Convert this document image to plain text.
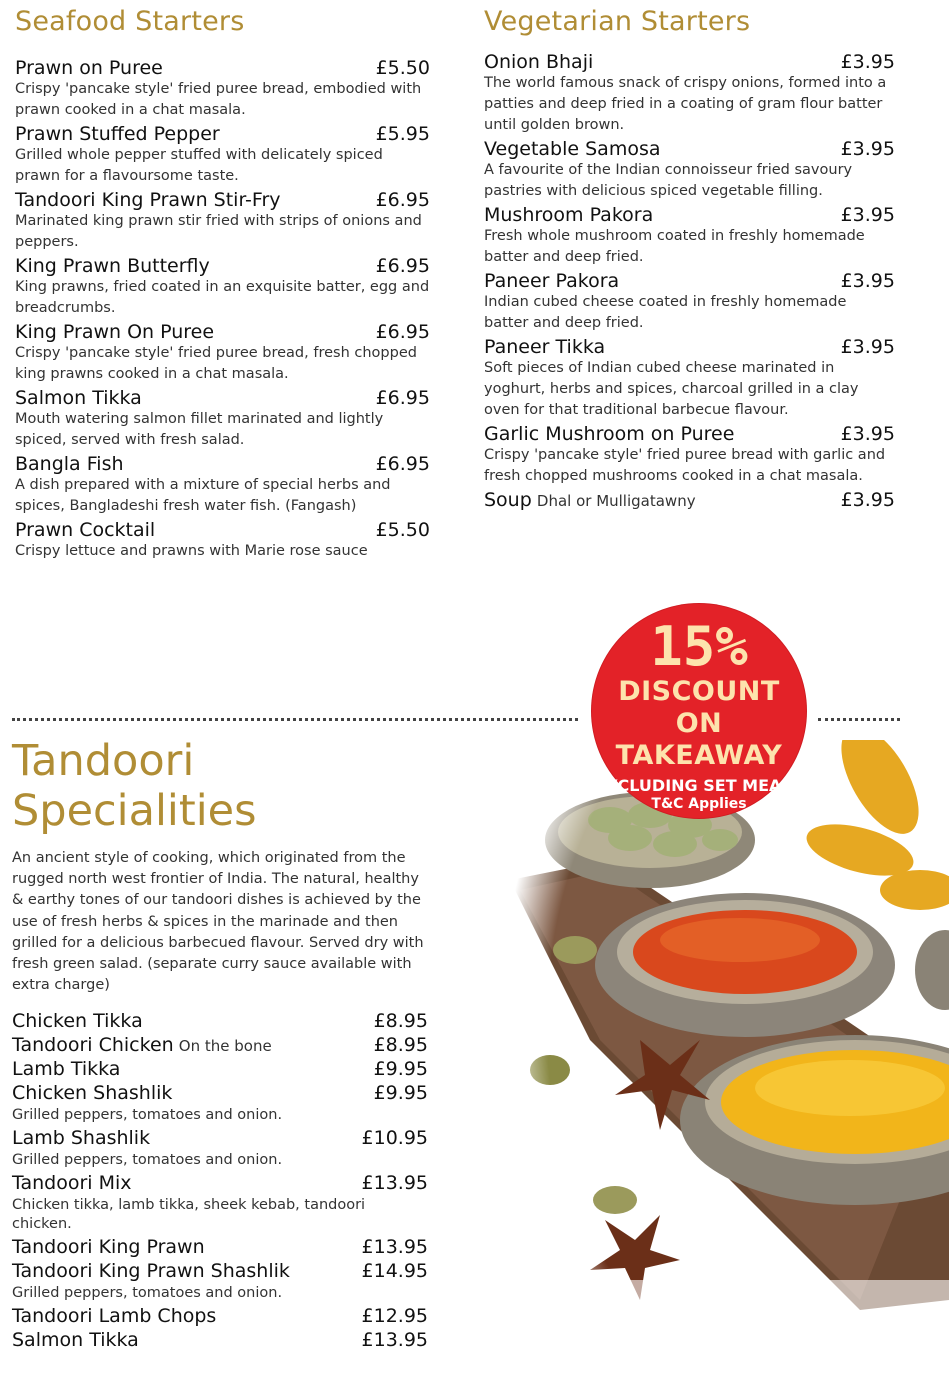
Seafood Starters
Prawn on Puree	£5.50
Crispy 'pancake style' fried puree bread, embodied with prawn cooked in a chat masala.
Prawn Stuffed Pepper	£5.95
Grilled whole pepper stuffed with delicately spiced prawn for a flavoursome taste.
Tandoori King Prawn Stir-Fry	£6.95
Marinated king prawn stir fried with strips of onions and peppers.
King Prawn Butterfly	£6.95
King prawns, fried coated in an exquisite batter, egg and breadcrumbs.
King Prawn On Puree	£6.95
Crispy 'pancake style' fried puree bread, fresh chopped king prawns cooked in a chat masala.
Salmon Tikka	£6.95
Mouth watering salmon fillet marinated and lightly spiced, served with fresh salad.
Bangla Fish	£6.95
A dish prepared with a mixture of special herbs and spices, Bangladeshi fresh water fish. (Fangash)
Prawn Cocktail	£5.50
Crispy lettuce and prawns with Marie rose sauce
Vegetarian Starters
Onion Bhaji	£3.95
The world famous snack of crispy onions, formed into a patties and deep fried in a coating of gram flour batter until golden brown.
Vegetable Samosa	£3.95
A favourite of the Indian connoisseur fried savoury pastries with delicious spiced vegetable filling.
Mushroom Pakora	£3.95
Fresh whole mushroom coated in freshly homemade batter and deep fried.
Paneer Pakora	£3.95
Indian cubed cheese coated in freshly homemade batter and deep fried.
Paneer Tikka	£3.95
Soft pieces of Indian cubed cheese marinated in yoghurt, herbs and spices, charcoal grilled in a clay oven for that traditional barbecue flavour.
Garlic Mushroom on Puree	£3.95
Crispy 'pancake style' fried puree bread with garlic and fresh chopped mushrooms cooked in a chat masala.
Soup Dhal or Mulligatawny	£3.95
15%
DISCOUNT
ON TAKEAWAY
EXCLUDING SET MEALS
T&C Applies
Tandoori Specialities
An ancient style of cooking, which originated from the rugged north west frontier of India. The natural, healthy & earthy tones of our tandoori dishes is achieved by the use of fresh herbs & spices in the marinade and then grilled for a delicious barbecued flavour. Served dry with fresh green salad. (separate curry sauce available with extra charge)
Chicken Tikka	£8.95
Tandoori Chicken On the bone	£8.95
Lamb Tikka	£9.95
Chicken Shashlik	£9.95
Grilled peppers, tomatoes and onion.
Lamb Shashlik	£10.95
Grilled peppers, tomatoes and onion.
Tandoori Mix	£13.95
Chicken tikka, lamb tikka, sheek kebab, tandoori chicken.
Tandoori King Prawn	£13.95
Tandoori King Prawn Shashlik	£14.95
Grilled peppers, tomatoes and onion.
Tandoori Lamb Chops	£12.95
Salmon Tikka	£13.95
